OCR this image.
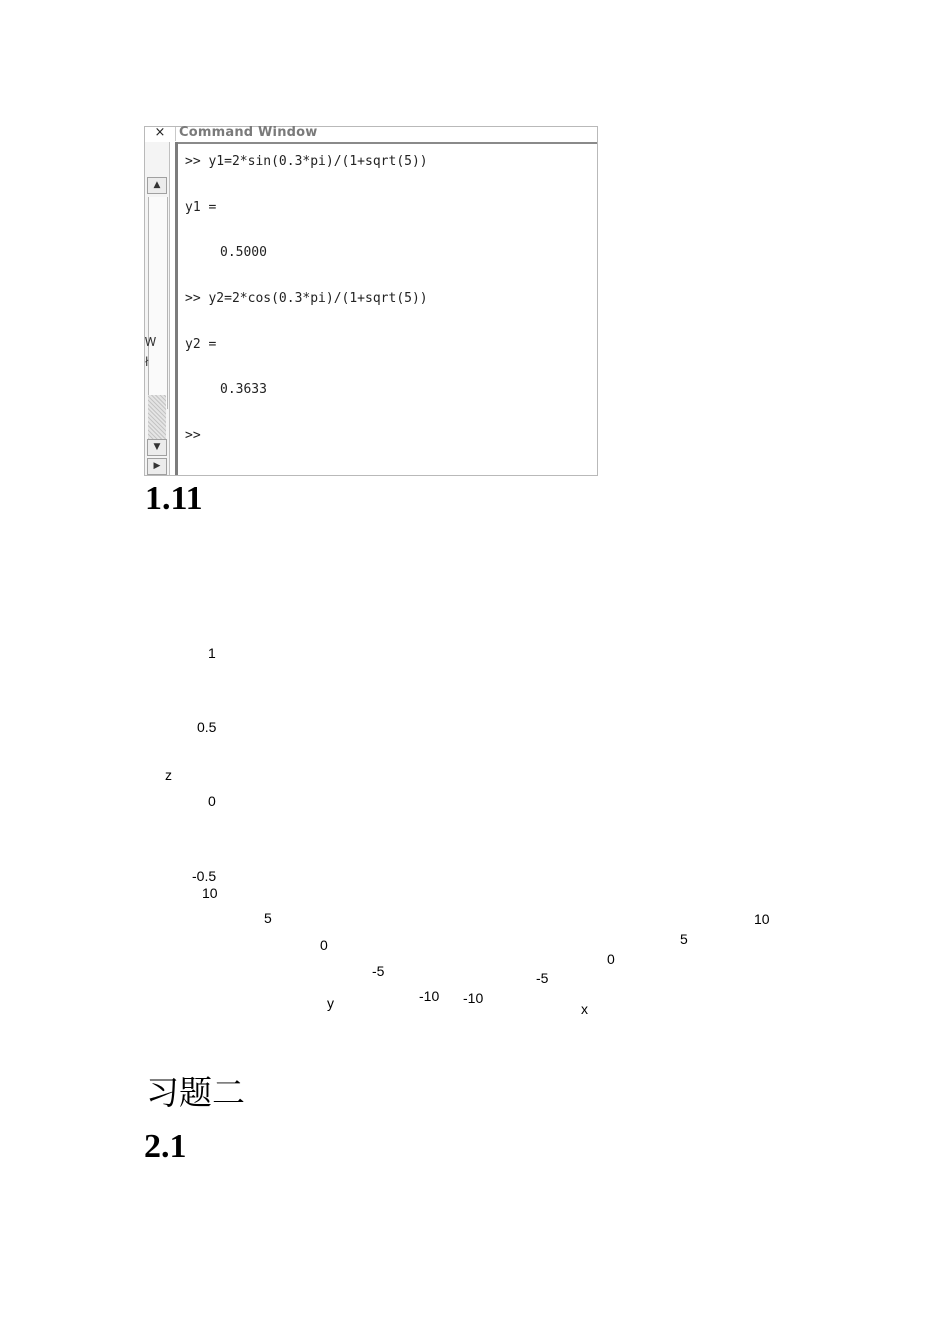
×	Command Window
▲
▼
▶
Ꮃ
ł
>> y1=2*sin(0.3*pi)/(1+sqrt(5))
y1 =
0.5000
>> y2=2*cos(0.3*pi)/(1+sqrt(5))
y2 =
0.3633
>>
1.11
1
0.5
z
0
-0.5
10
5
0
-5
-10
y	-10
-5
0
5
10
x
习题二
2.1
